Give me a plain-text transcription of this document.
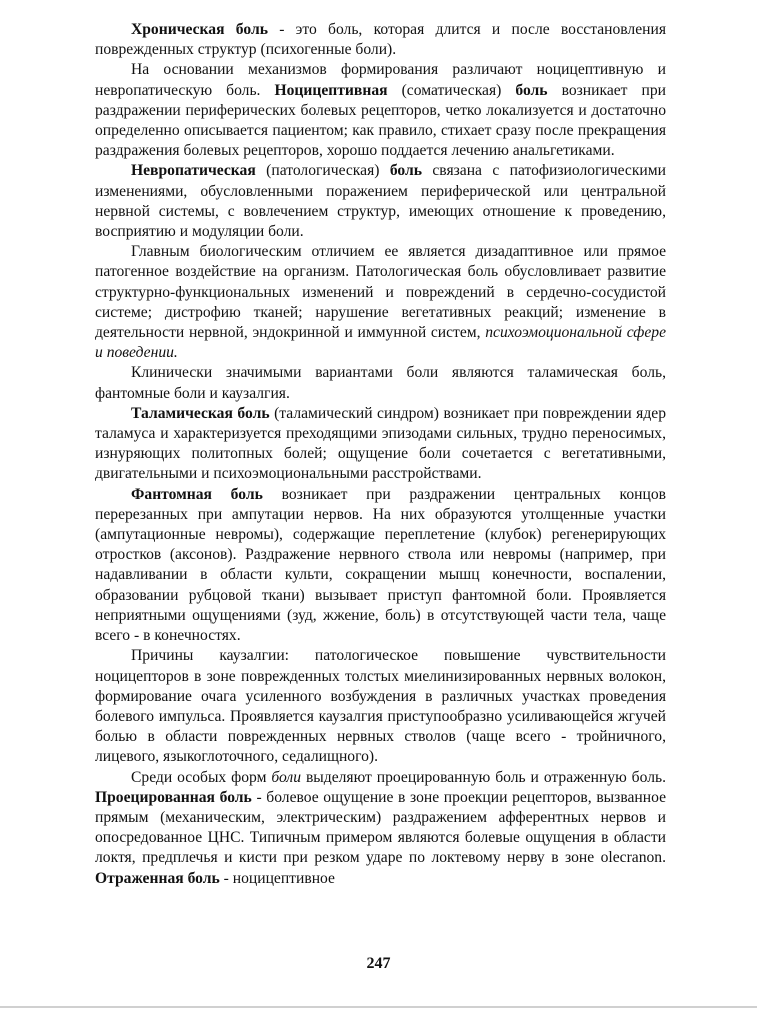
Хроническая боль - это боль, которая длится и после восстановления поврежденных структур (психогенные боли).

На основании механизмов формирования различают ноцицептивную и невропатическую боль. Ноцицептивная (соматическая) боль возникает при раздражении периферических болевых рецепторов, четко локализуется и достаточно определенно описывается пациентом; как правило, стихает сразу после прекращения раздражения болевых рецепторов, хорошо поддается лечению анальгетиками.

Невропатическая (патологическая) боль связана с патофизиологическими изменениями, обусловленными поражением периферической или центральной нервной системы, с вовлечением структур, имеющих отношение к проведению, восприятию и модуляции боли.

Главным биологическим отличием ее является дизадаптивное или прямое патогенное воздействие на организм. Патологическая боль обусловливает развитие структурно-функциональных изменений и повреждений в сердечно-сосудистой системе; дистрофию тканей; нарушение вегетативных реакций; изменение в деятельности нервной, эндокринной и иммунной систем, психоэмоциональной сфере и поведении.

Клинически значимыми вариантами боли являются таламическая боль, фантомные боли и каузалгия.

Таламическая боль (таламический синдром) возникает при повреждении ядер таламуса и характеризуется преходящими эпизодами сильных, трудно переносимых, изнуряющих политопных болей; ощущение боли сочетается с вегетативными, двигательными и психоэмоциональными расстройствами.

Фантомная боль возникает при раздражении центральных концов перерезанных при ампутации нервов. На них образуются утолщенные участки (ампутационные невромы), содержащие переплетение (клубок) регенерирующих отростков (аксонов). Раздражение нервного ствола или невромы (например, при надавливании в области культи, сокращении мышц конечности, воспалении, образовании рубцовой ткани) вызывает приступ фантомной боли. Проявляется неприятными ощущениями (зуд, жжение, боль) в отсутствующей части тела, чаще всего - в конечностях.

Причины каузалгии: патологическое повышение чувствительности ноцицепторов в зоне поврежденных толстых миелинизированных нервных волокон, формирование очага усиленного возбуждения в различных участках проведения болевого импульса. Проявляется каузалгия приступообразно усиливающейся жгучей болью в области поврежденных нервных стволов (чаще всего - тройничного, лицевого, языкоглоточного, седалищного).

Среди особых форм боли выделяют проецированную боль и отраженную боль. Проецированная боль - болевое ощущение в зоне проекции рецепторов, вызванное прямым (механическим, электрическим) раздражением афферентных нервов и опосредованное ЦНС. Типичным примером являются болевые ощущения в области локтя, предплечья и кисти при резком ударе по локтевому нерву в зоне olecranon. Отраженная боль - ноцицептивное

247
